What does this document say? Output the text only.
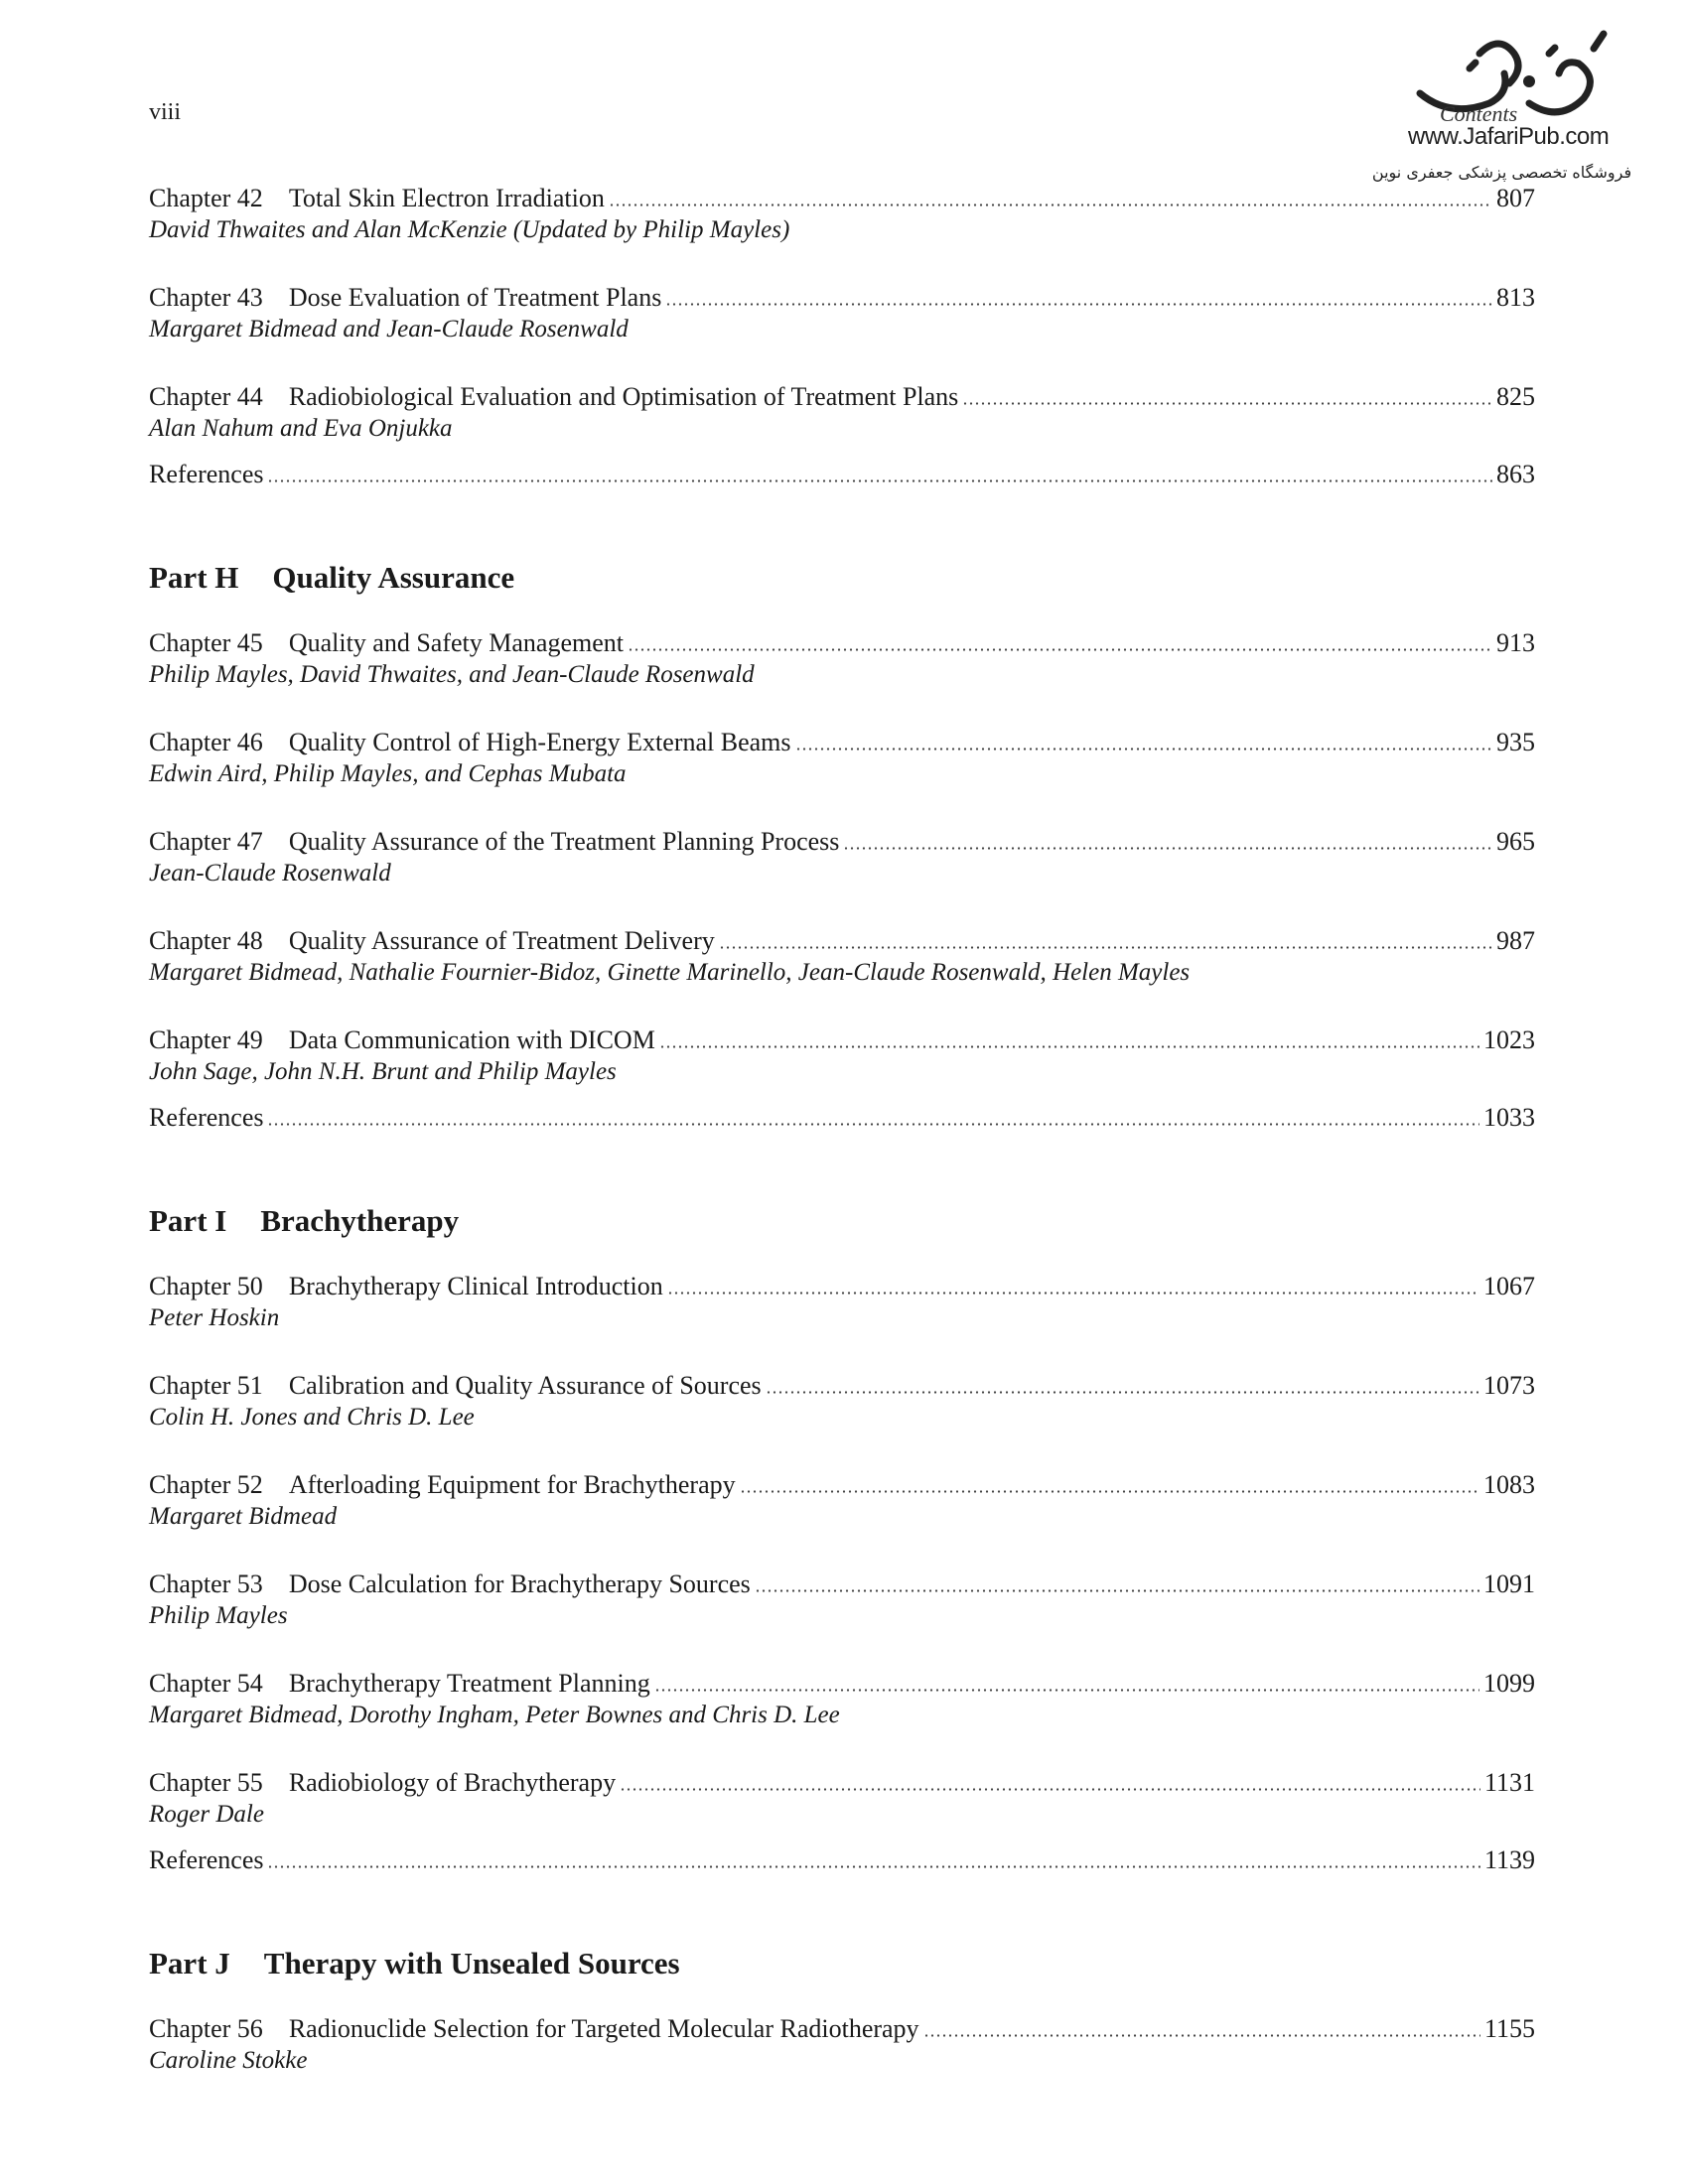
viii	Contents
www.JafariPub.com
فروشگاه تخصصی پزشکی جعفری نوین
Chapter 42 Total Skin Electron Irradiation	807
David Thwaites and Alan McKenzie (Updated by Philip Mayles)
Chapter 43 Dose Evaluation of Treatment Plans	813
Margaret Bidmead and Jean-Claude Rosenwald
Chapter 44 Radiobiological Evaluation and Optimisation of Treatment Plans	825
Alan Nahum and Eva Onjukka
References	863
Part H Quality Assurance
Chapter 45 Quality and Safety Management	913
Philip Mayles, David Thwaites, and Jean-Claude Rosenwald
Chapter 46 Quality Control of High-Energy External Beams	935
Edwin Aird, Philip Mayles, and Cephas Mubata
Chapter 47 Quality Assurance of the Treatment Planning Process	965
Jean-Claude Rosenwald
Chapter 48 Quality Assurance of Treatment Delivery	987
Margaret Bidmead, Nathalie Fournier-Bidoz, Ginette Marinello, Jean-Claude Rosenwald, Helen Mayles
Chapter 49 Data Communication with DICOM	1023
John Sage, John N.H. Brunt and Philip Mayles
References	1033
Part I Brachytherapy
Chapter 50 Brachytherapy Clinical Introduction	1067
Peter Hoskin
Chapter 51 Calibration and Quality Assurance of Sources	1073
Colin H. Jones and Chris D. Lee
Chapter 52 Afterloading Equipment for Brachytherapy	1083
Margaret Bidmead
Chapter 53 Dose Calculation for Brachytherapy Sources	1091
Philip Mayles
Chapter 54 Brachytherapy Treatment Planning	1099
Margaret Bidmead, Dorothy Ingham, Peter Bownes and Chris D. Lee
Chapter 55 Radiobiology of Brachytherapy	1131
Roger Dale
References	1139
Part J Therapy with Unsealed Sources
Chapter 56 Radionuclide Selection for Targeted Molecular Radiotherapy	1155
Caroline Stokke
